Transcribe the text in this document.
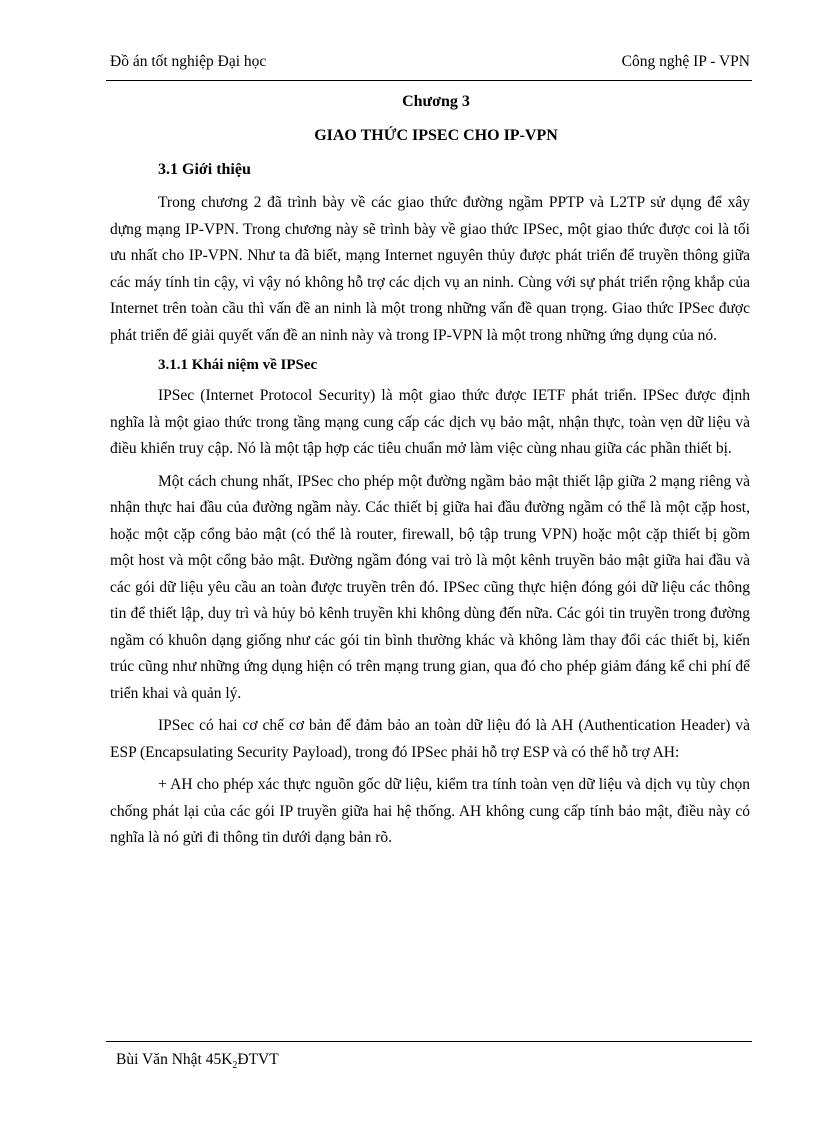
Đồ án tốt nghiệp Đại học	Công nghệ IP - VPN
Chương 3
GIAO THỨC IPSEC CHO IP-VPN
3.1 Giới thiệu

Trong chương 2 đã trình bày về các giao thức đường ngầm PPTP và L2TP sử dụng để xây dựng mạng IP-VPN. Trong chương này sẽ trình bày về giao thức IPSec, một giao thức được coi là tối ưu nhất cho IP-VPN. Như ta đã biết, mạng Internet nguyên thủy được phát triển để truyền thông giữa các máy tính tin cậy, vì vậy nó không hỗ trợ các dịch vụ an ninh. Cùng với sự phát triển rộng khắp của Internet trên toàn cầu thì vấn đề an ninh là một trong những vấn đề quan trọng. Giao thức IPSec được phát triển để giải quyết vấn đề an ninh này và trong IP-VPN là một trong những ứng dụng của nó.

3.1.1 Khái niệm về IPSec

IPSec (Internet Protocol Security) là một giao thức được IETF phát triển. IPSec được định nghĩa là một giao thức trong tầng mạng cung cấp các dịch vụ bảo mật, nhận thực, toàn vẹn dữ liệu và điều khiển truy cập. Nó là một tập hợp các tiêu chuẩn mở làm việc cùng nhau giữa các phần thiết bị.

Một cách chung nhất, IPSec cho phép một đường ngầm bảo mật thiết lập giữa 2 mạng riêng và nhận thực hai đầu của đường ngầm này. Các thiết bị giữa hai đầu đường ngầm có thể là một cặp host, hoặc một cặp cổng bảo mật (có thể là router, firewall, bộ tập trung VPN) hoặc một cặp thiết bị gồm một host và một cổng bảo mật. Đường ngầm đóng vai trò là một kênh truyền bảo mật giữa hai đầu và các gói dữ liệu yêu cầu an toàn được truyền trên đó. IPSec cũng thực hiện đóng gói dữ liệu các thông tin để thiết lập, duy trì và hủy bỏ kênh truyền khi không dùng đến nữa. Các gói tin truyền trong đường ngầm có khuôn dạng giống như các gói tin bình thường khác và không làm thay đổi các thiết bị, kiến trúc cũng như những ứng dụng hiện có trên mạng trung gian, qua đó cho phép giảm đáng kể chi phí để triển khai và quản lý.

IPSec có hai cơ chế cơ bản để đảm bảo an toàn dữ liệu đó là AH (Authentication Header) và ESP (Encapsulating Security Payload), trong đó IPSec phải hỗ trợ ESP và có thể hỗ trợ AH:

+ AH cho phép xác thực nguồn gốc dữ liệu, kiểm tra tính toàn vẹn dữ liệu và dịch vụ tùy chọn chống phát lại của các gói IP truyền giữa hai hệ thống. AH không cung cấp tính bảo mật, điều này có nghĩa là nó gửi đi thông tin dưới dạng bản rõ.

Bùi Văn Nhật $45K_2ĐTVT$
